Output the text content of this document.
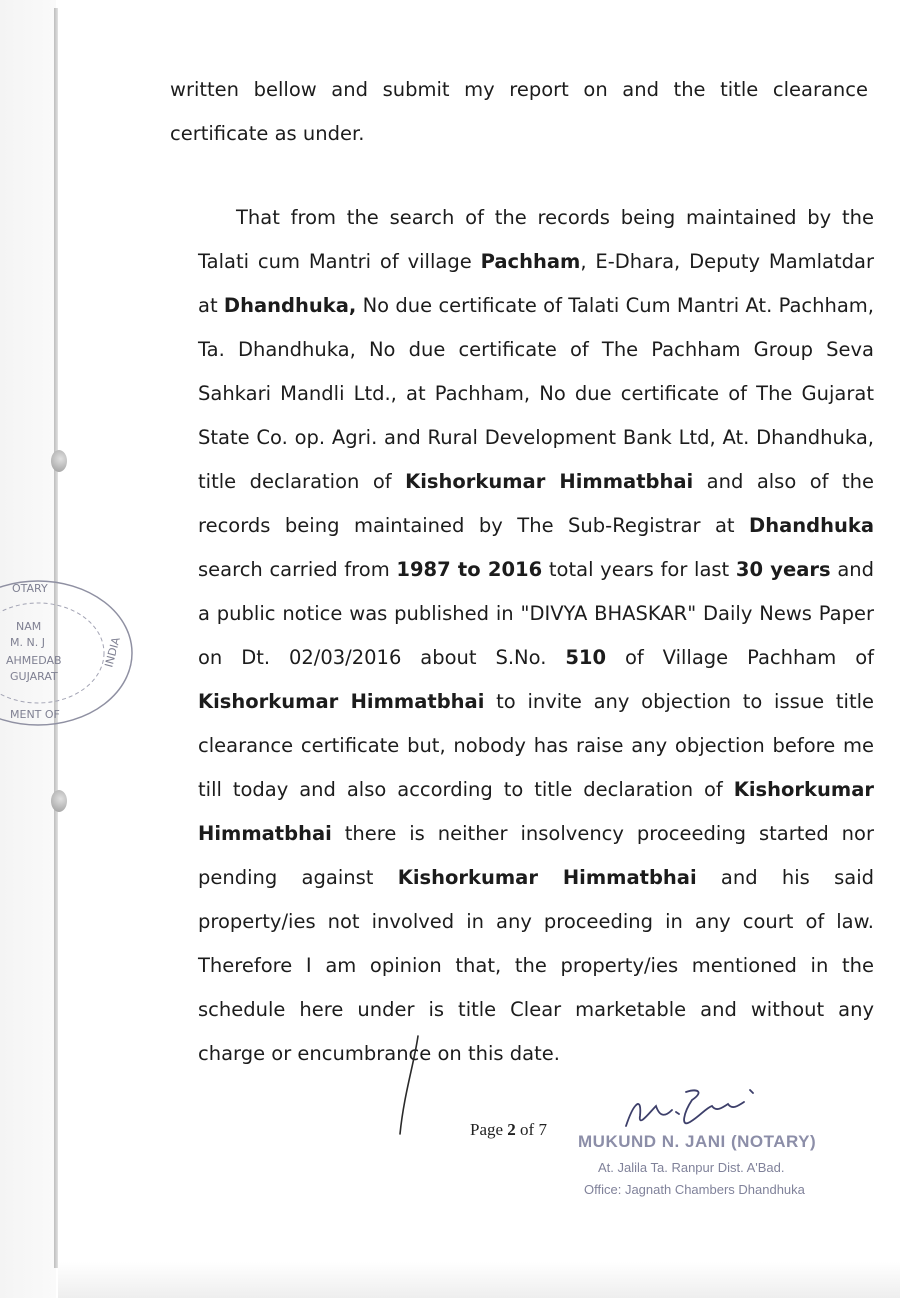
OTARY
NAM
M. N. J
AHMEDAB
GUJARAT
MENT OF
INDIA
written bellow and submit my report on and the title clearance certificate as under.
That from the search of the records being maintained by the Talati cum Mantri of village Pachham, E-Dhara, Deputy Mamlatdar at Dhandhuka, No due certificate of Talati Cum Mantri At. Pachham, Ta. Dhandhuka, No due certificate of The Pachham Group Seva Sahkari Mandli Ltd., at Pachham, No due certificate of The Gujarat State Co. op. Agri. and Rural Development Bank Ltd, At. Dhandhuka, title declaration of Kishorkumar Himmatbhai and also of the records being maintained by The Sub-Registrar at Dhandhuka search carried from 1987 to 2016 total years for last 30 years and a public notice was published in "DIVYA BHASKAR" Daily News Paper on Dt. 02/03/2016 about S.No. 510 of Village Pachham of Kishorkumar Himmatbhai to invite any objection to issue title clearance certificate but, nobody has raise any objection before me till today and also according to title declaration of Kishorkumar Himmatbhai there is neither insolvency proceeding started nor pending against Kishorkumar Himmatbhai and his said property/ies not involved in any proceeding in any court of law. Therefore I am opinion that, the property/ies mentioned in the schedule here under is title Clear marketable and without any charge or encumbrance on this date.
Page 2 of 7
MUKUND N. JANI (NOTARY)
At. Jalila Ta. Ranpur Dist. A'Bad.
Office: Jagnath Chambers Dhandhuka
